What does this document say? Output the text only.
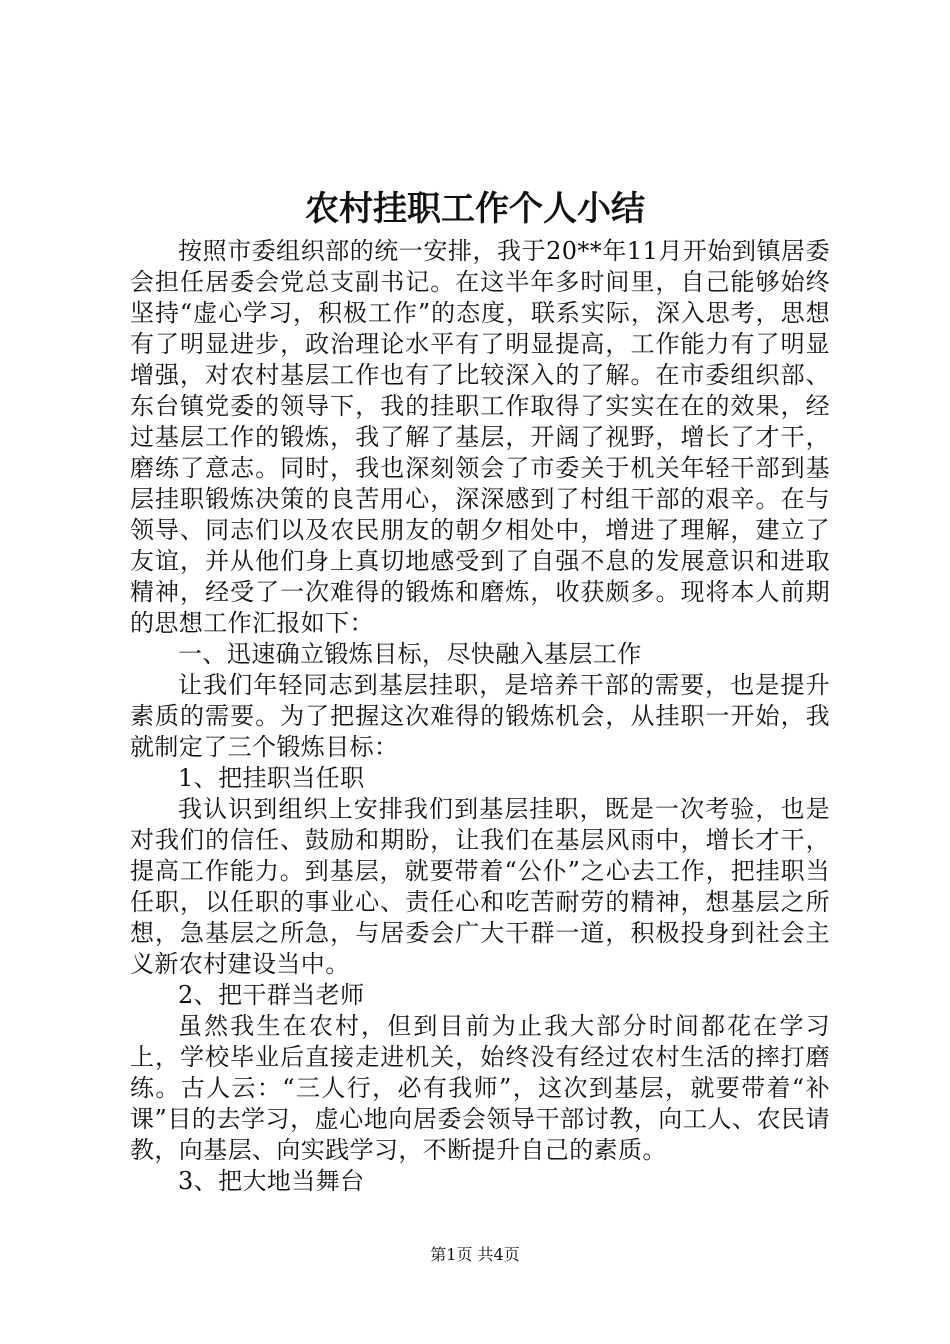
农村挂职工作个人小结

按照市委组织部的统一安排，我于20**年11月开始到镇居委会担任居委会党总支副书记。在这半年多时间里，自己能够始终坚持“虚心学习，积极工作”的态度，联系实际，深入思考，思想有了明显进步，政治理论水平有了明显提高，工作能力有了明显增强，对农村基层工作也有了比较深入的了解。在市委组织部、东台镇党委的领导下，我的挂职工作取得了实实在在的效果，经过基层工作的锻炼，我了解了基层，开阔了视野，增长了才干，磨练了意志。同时，我也深刻领会了市委关于机关年轻干部到基层挂职锻炼决策的良苦用心，深深感到了村组干部的艰辛。在与领导、同志们以及农民朋友的朝夕相处中，增进了理解，建立了友谊，并从他们身上真切地感受到了自强不息的发展意识和进取精神，经受了一次难得的锻炼和磨炼，收获颇多。现将本人前期的思想工作汇报如下：

一、迅速确立锻炼目标，尽快融入基层工作

让我们年轻同志到基层挂职，是培养干部的需要，也是提升素质的需要。为了把握这次难得的锻炼机会，从挂职一开始，我就制定了三个锻炼目标：

1、把挂职当任职

我认识到组织上安排我们到基层挂职，既是一次考验，也是对我们的信任、鼓励和期盼，让我们在基层风雨中，增长才干，提高工作能力。到基层，就要带着“公仆”之心去工作，把挂职当任职，以任职的事业心、责任心和吃苦耐劳的精神，想基层之所想，急基层之所急，与居委会广大干群一道，积极投身到社会主义新农村建设当中。

2、把干群当老师

虽然我生在农村，但到目前为止我大部分时间都花在学习上，学校毕业后直接走进机关，始终没有经过农村生活的摔打磨练。古人云：“三人行，必有我师”，这次到基层，就要带着“补课”目的去学习，虚心地向居委会领导干部讨教，向工人、农民请教，向基层、向实践学习，不断提升自己的素质。

3、把大地当舞台

第1页 共4页
